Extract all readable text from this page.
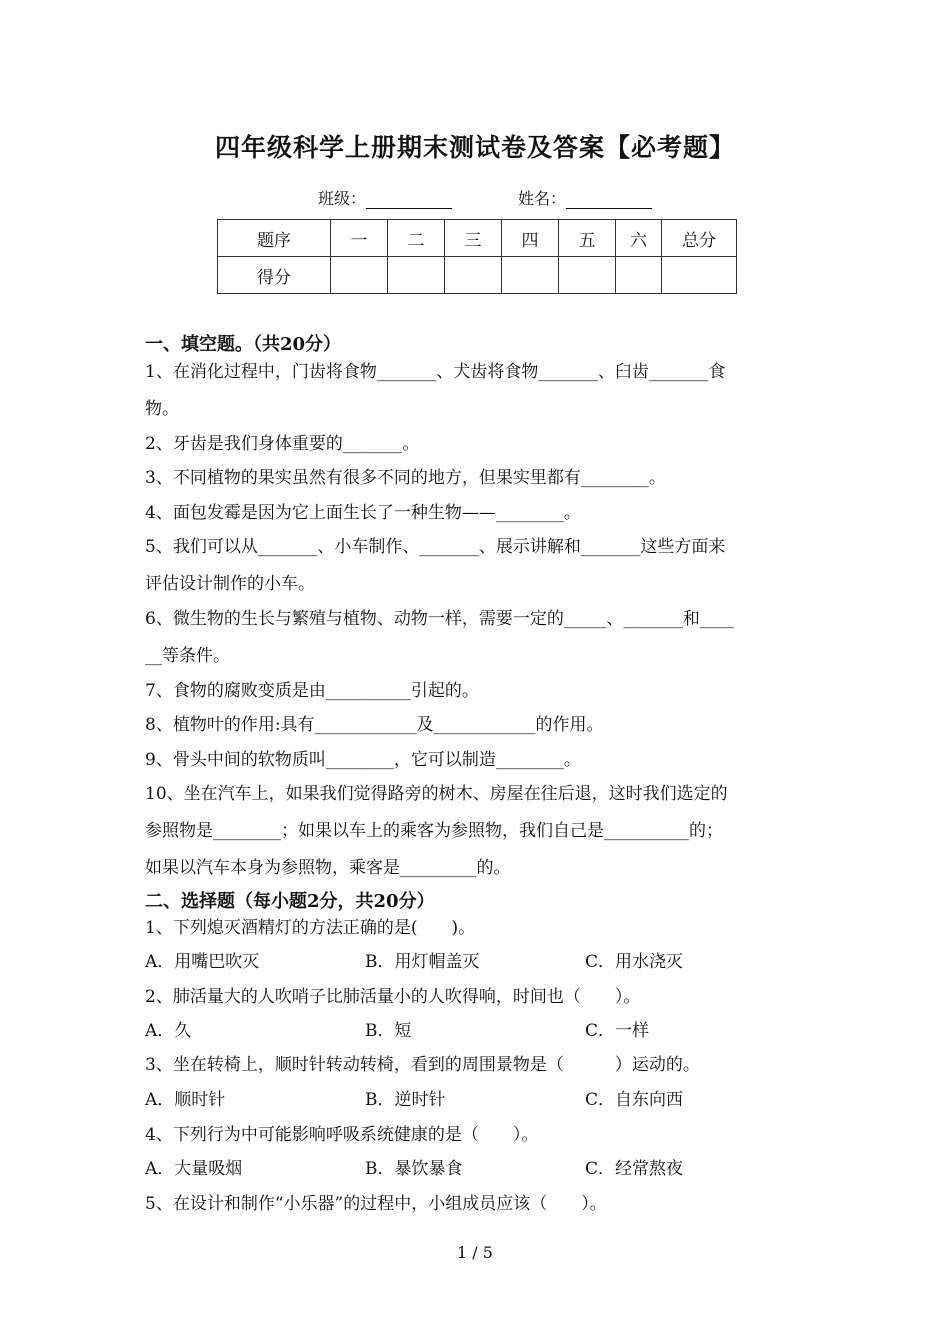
四年级科学上册期末测试卷及答案【必考题】
班级：	姓名：
题序	一	二	三	四	五	六	总分
得分							
一、填空题。（共20分）
1、在消化过程中，门齿将食物_______、犬齿将食物_______、臼齿_______食
物。
2、牙齿是我们身体重要的_______。
3、不同植物的果实虽然有很多不同的地方，但果实里都有________。
4、面包发霉是因为它上面生长了一种生物——________。
5、我们可以从_______、小车制作、_______、展示讲解和_______这些方面来
评估设计制作的小车。
6、微生物的生长与繁殖与植物、动物一样，需要一定的_____、_______和____
__等条件。
7、食物的腐败变质是由__________引起的。
8、植物叶的作用:具有____________及____________的作用。
9、骨头中间的软物质叫________，它可以制造________。
10、坐在汽车上，如果我们觉得路旁的树木、房屋在往后退，这时我们选定的
参照物是________；如果以车上的乘客为参照物，我们自己是__________的；
如果以汽车本身为参照物，乘客是_________的。
二、选择题（每小题2分，共20分）
1、下列熄灭酒精灯的方法正确的是(　　)。
A．用嘴巴吹灭	B．用灯帽盖灭	C．用水浇灭
2、肺活量大的人吹哨子比肺活量小的人吹得响，时间也（　　）。
A．久	B．短	C．一样
3、坐在转椅上，顺时针转动转椅，看到的周围景物是（　　　）运动的。
A．顺时针	B．逆时针	C．自东向西
4、下列行为中可能影响呼吸系统健康的是（　　）。
A．大量吸烟	B．暴饮暴食	C．经常熬夜
5、在设计和制作“小乐器”的过程中，小组成员应该（　　）。
1 / 5
